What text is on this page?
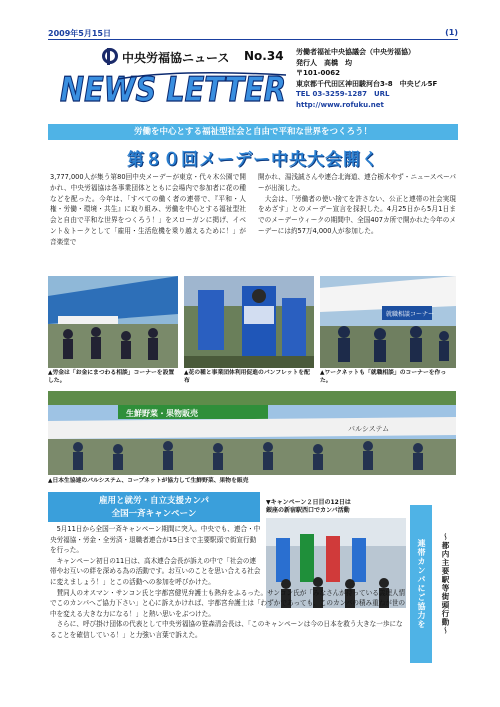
2009年5月15日	(1)
中央労福協ニュース No.34
NEWS LETTER
労働者福祉中央協議会（中央労福協）
発行人　高橋　均
〒101-0062
東京都千代田区神田駿河台3-8　中央ビル5F
TEL 03-3259-1287　URL http://www.rofuku.net
労働を中心とする福祉型社会と自由で平和な世界をつくろう！
第８０回メーデー中央大会開く
3,777,000人が集う第80回中央メーデーが東京・代々木公園で開かれ、中央労福協は各事業団体とともに会場内で参加者に花の種などを配った。今年は、「すべての働く者の連帯で、『平和・人権・労働・環境・共生』に取り組み、労働を中心とする福祉型社会と自由で平和な世界をつくろう！」をスローガンに掲げ、イベント＆トークとして「雇用・生活危機を乗り越えるために！」が音楽堂で
開かれ、湯浅誠さんや連合北海道、連合栃木やず・ニュースペーパーが出演した。
　大会は、「労働者の使い捨てを許さない、公正と連帯の社会実現をめざす」とのメーデー宣言を採択した。4月25日から5月1日までのメーデーウィークの期間中、全国407カ所で開かれた今年のメーデーには約57万4,000人が参加した。
就職相談コーナー
▲労金は「お金にまつわる相談」コーナーを設置した。
▲花の種と事業団体利用促進のパンフレットを配布
▲ワークネットも「就職相談」のコーナーを作った。
生鮮野菜・果物販売
パルシステム
▲日本生協連のパルシステム、コープネットが協力して生鮮野菜、果物を販売
雇用と就労・自立支援カンパ
全国一斉キャンペーン
▼キャンペーン２日目の12日は
銀座の新宿駅西口でカンパ活動
連帯カンパにご協力を	〜都内主要駅等街頭行動〜

5月11日から全国一斉キャンペーン期間に突入。中央でも、連合・中央労福協・労金・全労済・退職者連合が15日まで主要駅頭で街宣行動を行った。

キャンペーン初日の11日は、高木連合会長が訴えの中で「社会の連帯やお互いの絆を深める為の活動です。お互いのことを思い合える社会に変えましょう！」とこの活動への参加を呼びかけた。

賛同人のオスマン・サンコン氏と宇都宮健児弁護士も熱弁をふるった。サンコン氏が「みなさんが持っている義理人情でこのカンパへご協力下さい」と心に訴えかければ、宇都宮弁護士は「わずかであっても、このカンパの積み重ねが世の中を変える大きな力になる！」と熱い思いをぶつけた。

さらに、呼び掛け団体の代表として中央労福協の笹森清会長は、「このキャンペーンは今の日本を救う大きな一歩になることを確信している！」と力強い言葉で訴えた。
